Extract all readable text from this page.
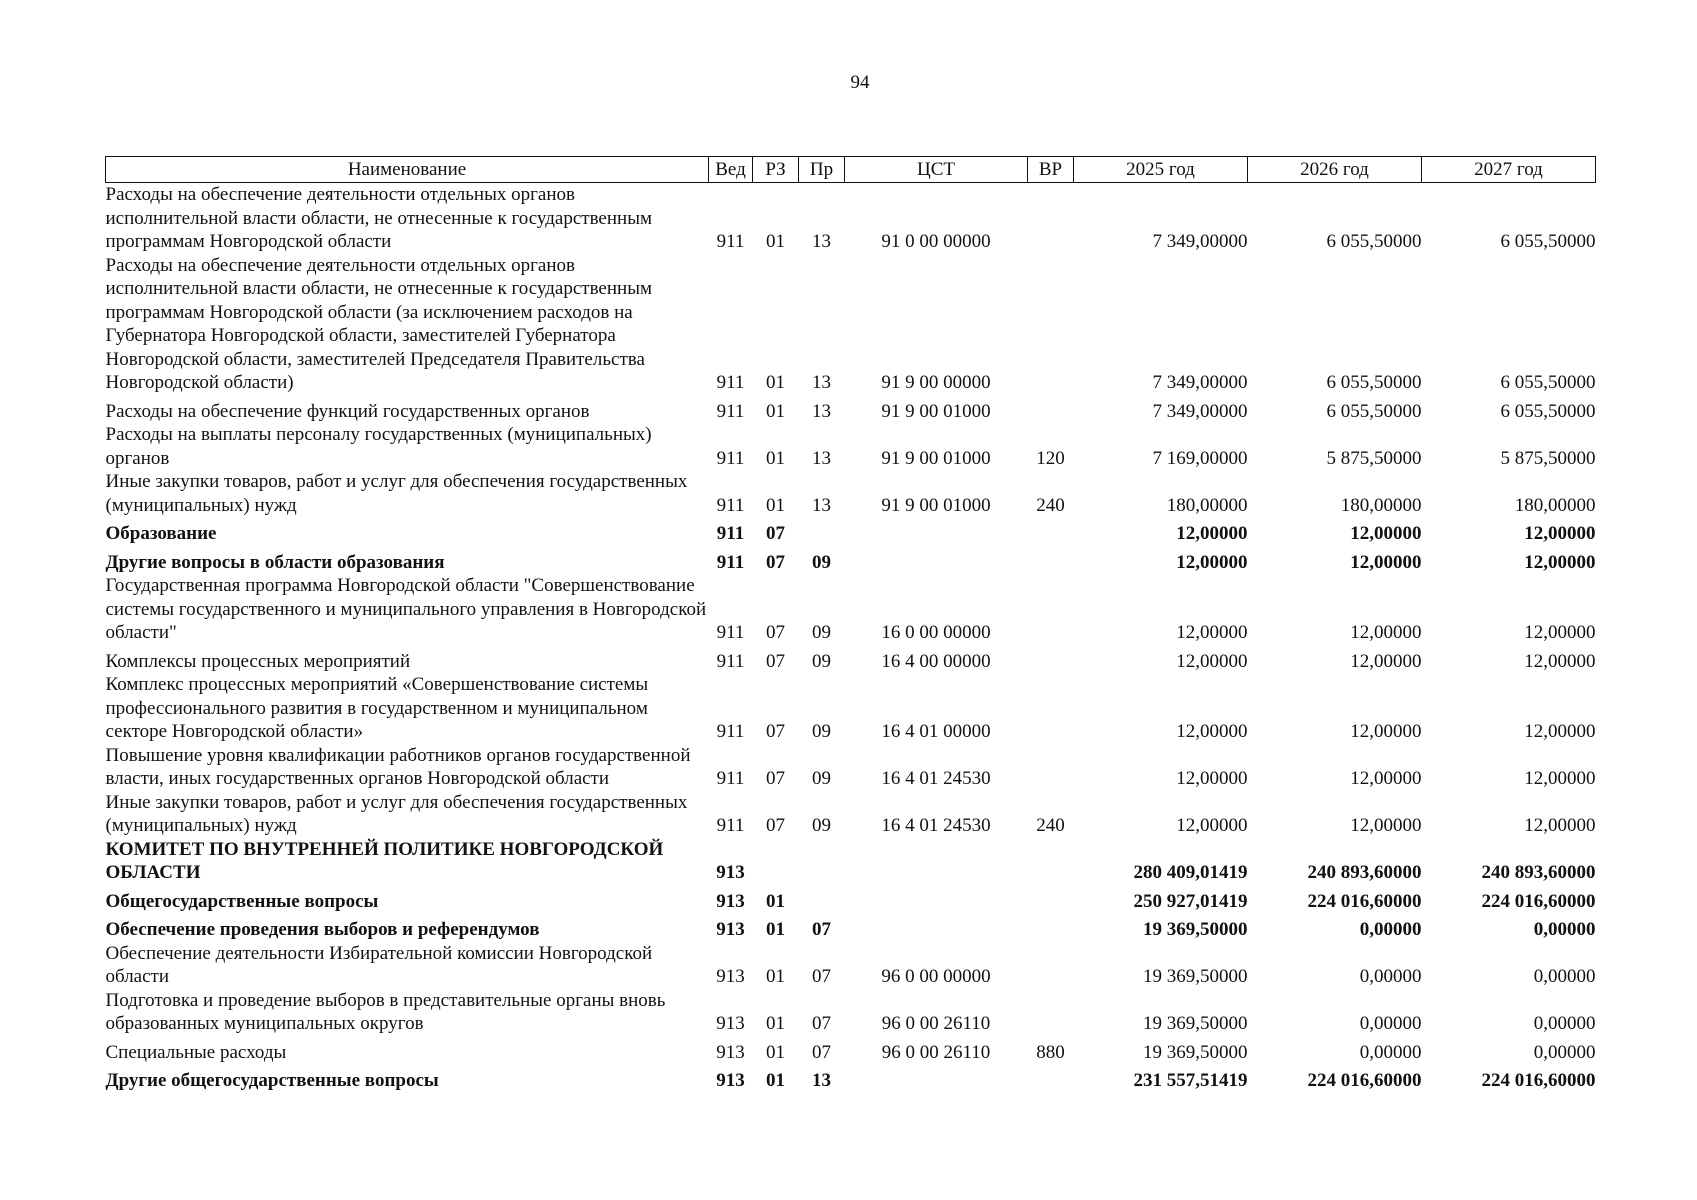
94
Наименование	Вед	РЗ	Пр	ЦСТ	ВР	2025 год	2026 год	2027 год
Расходы на обеспечение деятельности отдельных органов исполнительной власти области, не отнесенные к государственным программам Новгородской области	911	01	13	91 0 00 00000		7 349,00000	6 055,50000	6 055,50000
Расходы на обеспечение деятельности отдельных органов исполнительной власти области, не отнесенные к государственным программам Новгородской области (за исключением расходов на Губернатора Новгородской области, заместителей Губернатора Новгородской области, заместителей Председателя Правительства Новгородской области)	911	01	13	91 9 00 00000		7 349,00000	6 055,50000	6 055,50000
Расходы на обеспечение функций государственных органов	911	01	13	91 9 00 01000		7 349,00000	6 055,50000	6 055,50000
Расходы на выплаты персоналу государственных (муниципальных) органов	911	01	13	91 9 00 01000	120	7 169,00000	5 875,50000	5 875,50000
Иные закупки товаров, работ и услуг для обеспечения государственных (муниципальных) нужд	911	01	13	91 9 00 01000	240	180,00000	180,00000	180,00000
Образование	911	07				12,00000	12,00000	12,00000
Другие вопросы в области образования	911	07	09			12,00000	12,00000	12,00000
Государственная программа Новгородской области "Совершенствование системы государственного и муниципального управления в Новгородской области"	911	07	09	16 0 00 00000		12,00000	12,00000	12,00000
Комплексы процессных мероприятий	911	07	09	16 4 00 00000		12,00000	12,00000	12,00000
Комплекс процессных мероприятий «Совершенствование системы профессионального развития в государственном и муниципальном секторе Новгородской области»	911	07	09	16 4 01 00000		12,00000	12,00000	12,00000
Повышение уровня квалификации работников органов государственной власти, иных государственных органов Новгородской области	911	07	09	16 4 01 24530		12,00000	12,00000	12,00000
Иные закупки товаров, работ и услуг для обеспечения государственных (муниципальных) нужд	911	07	09	16 4 01 24530	240	12,00000	12,00000	12,00000
КОМИТЕТ ПО ВНУТРЕННЕЙ ПОЛИТИКЕ НОВГОРОДСКОЙ ОБЛАСТИ	913					280 409,01419	240 893,60000	240 893,60000
Общегосударственные вопросы	913	01				250 927,01419	224 016,60000	224 016,60000
Обеспечение проведения выборов и референдумов	913	01	07			19 369,50000	0,00000	0,00000
Обеспечение деятельности Избирательной комиссии Новгородской области	913	01	07	96 0 00 00000		19 369,50000	0,00000	0,00000
Подготовка и проведение выборов в представительные органы вновь образованных муниципальных округов	913	01	07	96 0 00 26110		19 369,50000	0,00000	0,00000
Специальные расходы	913	01	07	96 0 00 26110	880	19 369,50000	0,00000	0,00000
Другие общегосударственные вопросы	913	01	13			231 557,51419	224 016,60000	224 016,60000
